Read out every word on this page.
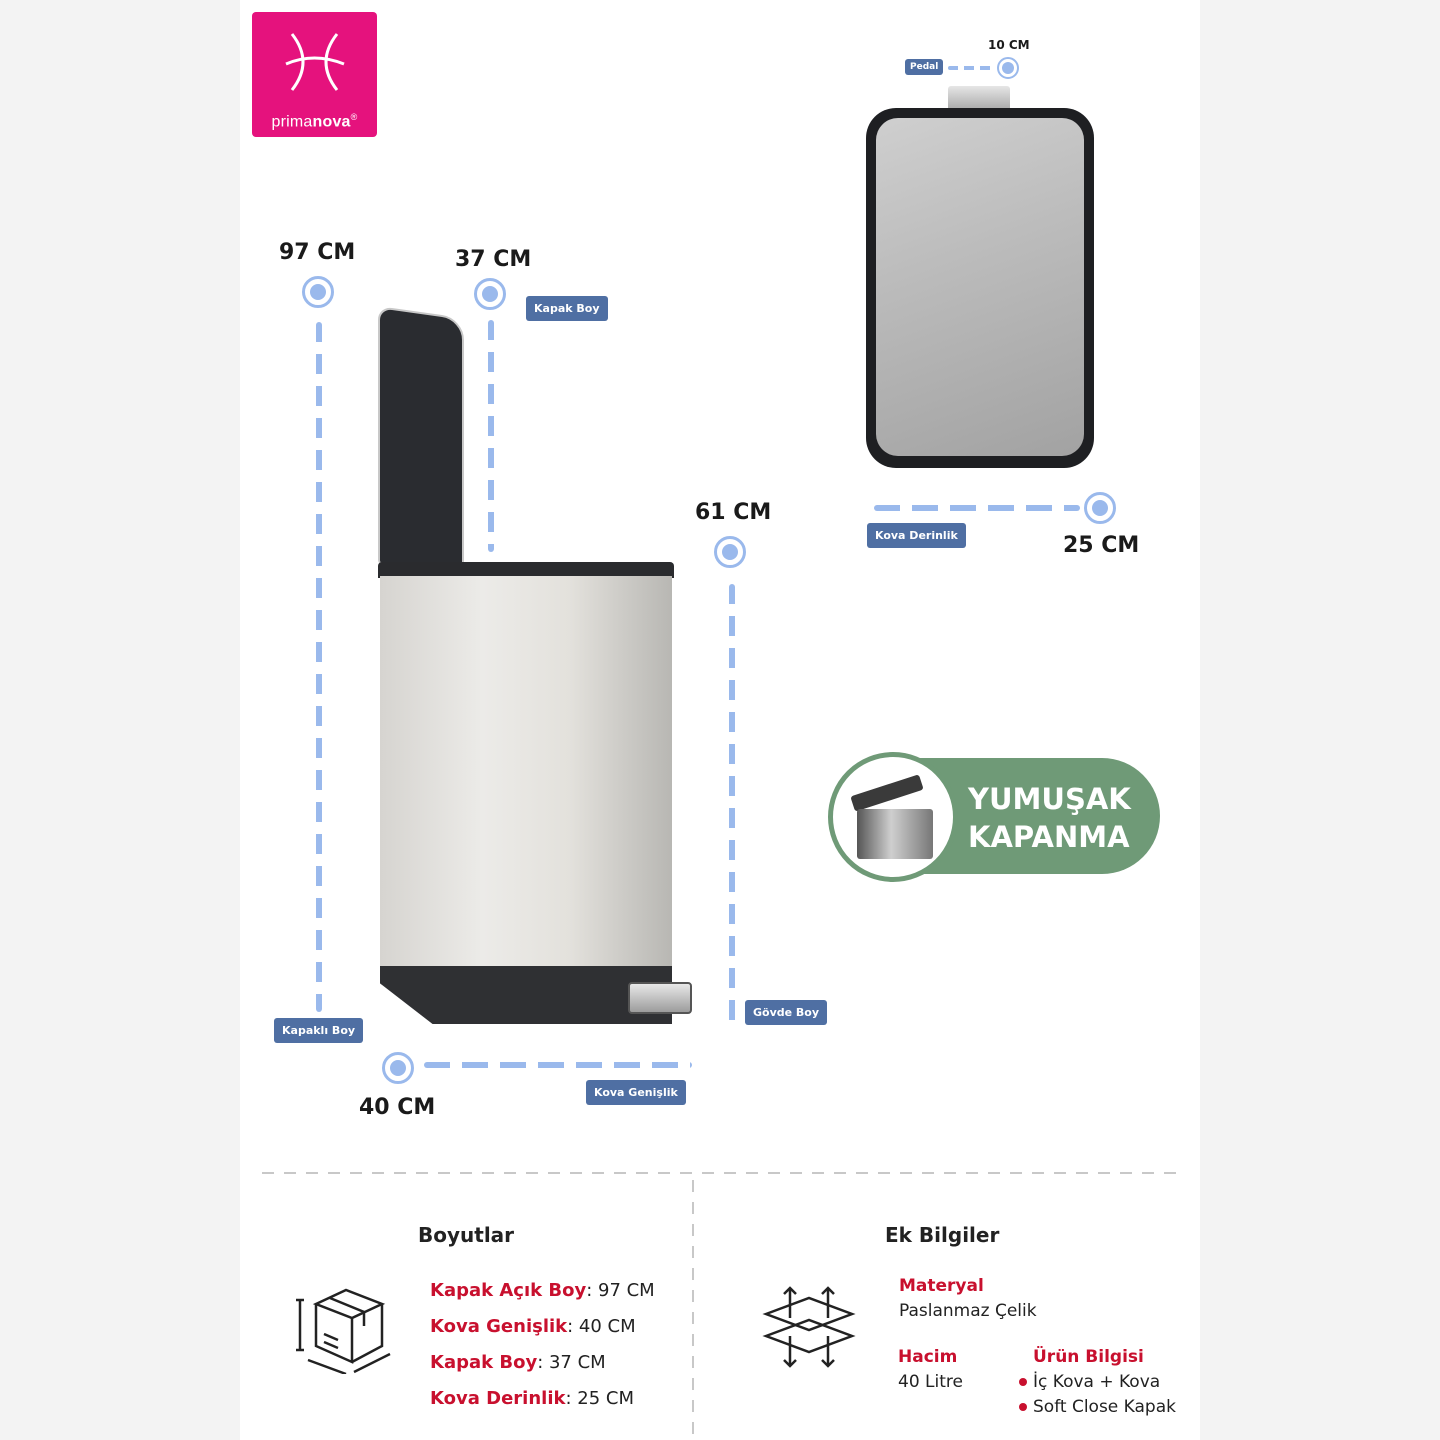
primanova®
97 CM
Kapaklı Boy
37 CM
Kapak Boy
61 CM
Gövde Boy
40 CM
Kova Genişlik
10 CM
Pedal
Kova Derinlik	25 CM
YUMUŞAK
KAPANMA
Boyutlar
Kapak Açık Boy: 97 CM
Kova Genişlik: 40 CM
Kapak Boy: 37 CM
Kova Derinlik: 25 CM
Ek Bilgiler
Materyal
Paslanmaz Çelik
Hacim
40 Litre
Ürün Bilgisi
İç Kova + Kova
Soft Close Kapak
